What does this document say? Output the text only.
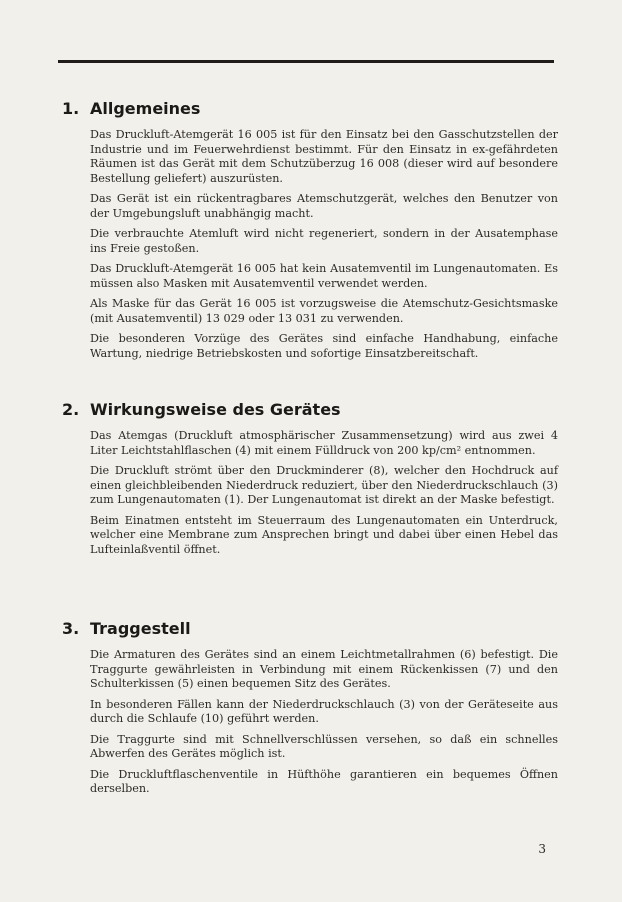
1. Allgemeines

Das Druckluft-Atemgerät 16 005 ist für den Einsatz bei den Gasschutzstellen der Industrie und im Feuerwehrdienst bestimmt. Für den Einsatz in ex-gefährdeten Räumen ist das Gerät mit dem Schutzüberzug 16 008 (dieser wird auf besondere Bestellung geliefert) auszurüsten.

Das Gerät ist ein rückentragbares Atemschutzgerät, welches den Benutzer von der Umgebungsluft unabhängig macht.

Die verbrauchte Atemluft wird nicht regeneriert, sondern in der Ausatemphase ins Freie gestoßen.

Das Druckluft-Atemgerät 16 005 hat kein Ausatemventil im Lungenautomaten. Es müssen also Masken mit Ausatemventil verwendet werden.

Als Maske für das Gerät 16 005 ist vorzugsweise die Atemschutz-Gesichtsmaske (mit Ausatemventil) 13 029 oder 13 031 zu verwenden.

Die besonderen Vorzüge des Gerätes sind einfache Handhabung, einfache Wartung, niedrige Betriebskosten und sofortige Einsatzbereitschaft.

2. Wirkungsweise des Gerätes

Das Atemgas (Druckluft atmosphärischer Zusammensetzung) wird aus zwei 4 Liter Leichtstahlflaschen (4) mit einem Fülldruck von 200 kp/cm² entnommen.

Die Druckluft strömt über den Druckminderer (8), welcher den Hochdruck auf einen gleichbleibenden Niederdruck reduziert, über den Niederdruckschlauch (3) zum Lungenautomaten (1). Der Lungenautomat ist direkt an der Maske befestigt.

Beim Einatmen entsteht im Steuerraum des Lungenautomaten ein Unterdruck, welcher eine Membrane zum Ansprechen bringt und dabei über einen Hebel das Lufteinlaßventil öffnet.

3. Traggestell

Die Armaturen des Gerätes sind an einem Leichtmetallrahmen (6) befestigt. Die Traggurte gewährleisten in Verbindung mit einem Rückenkissen (7) und den Schulterkissen (5) einen bequemen Sitz des Gerätes.

In besonderen Fällen kann der Niederdruckschlauch (3) von der Geräteseite aus durch die Schlaufe (10) geführt werden.

Die Traggurte sind mit Schnellverschlüssen versehen, so daß ein schnelles Abwerfen des Gerätes möglich ist.

Die Druckluftflaschenventile in Hüfthöhe garantieren ein bequemes Öffnen derselben.

3
